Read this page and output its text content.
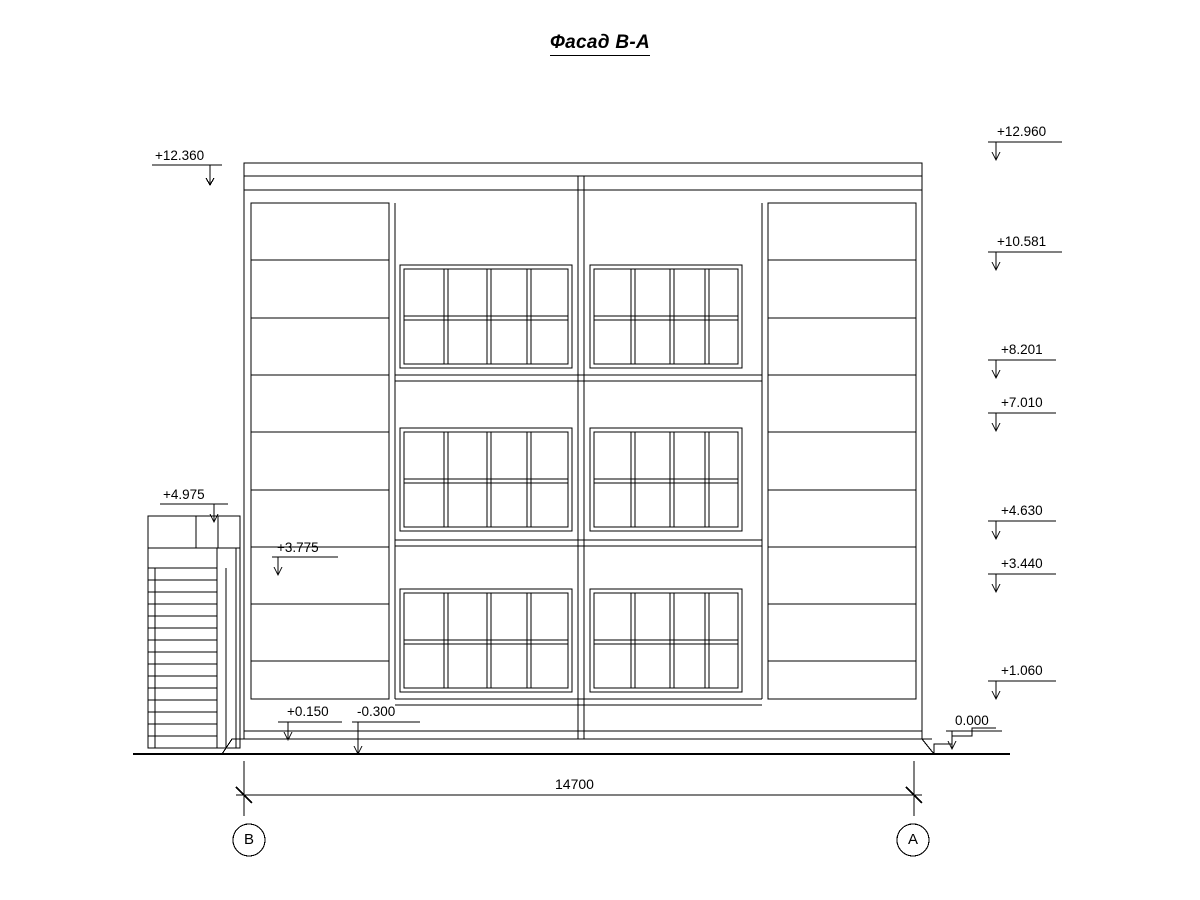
Фасад В-А
+12.360
+4.975
+3.775
+12.960
+10.581
+8.201
+7.010
+4.630
+3.440
+1.060
0.000
+0.150 -0.300
14700
В	А
